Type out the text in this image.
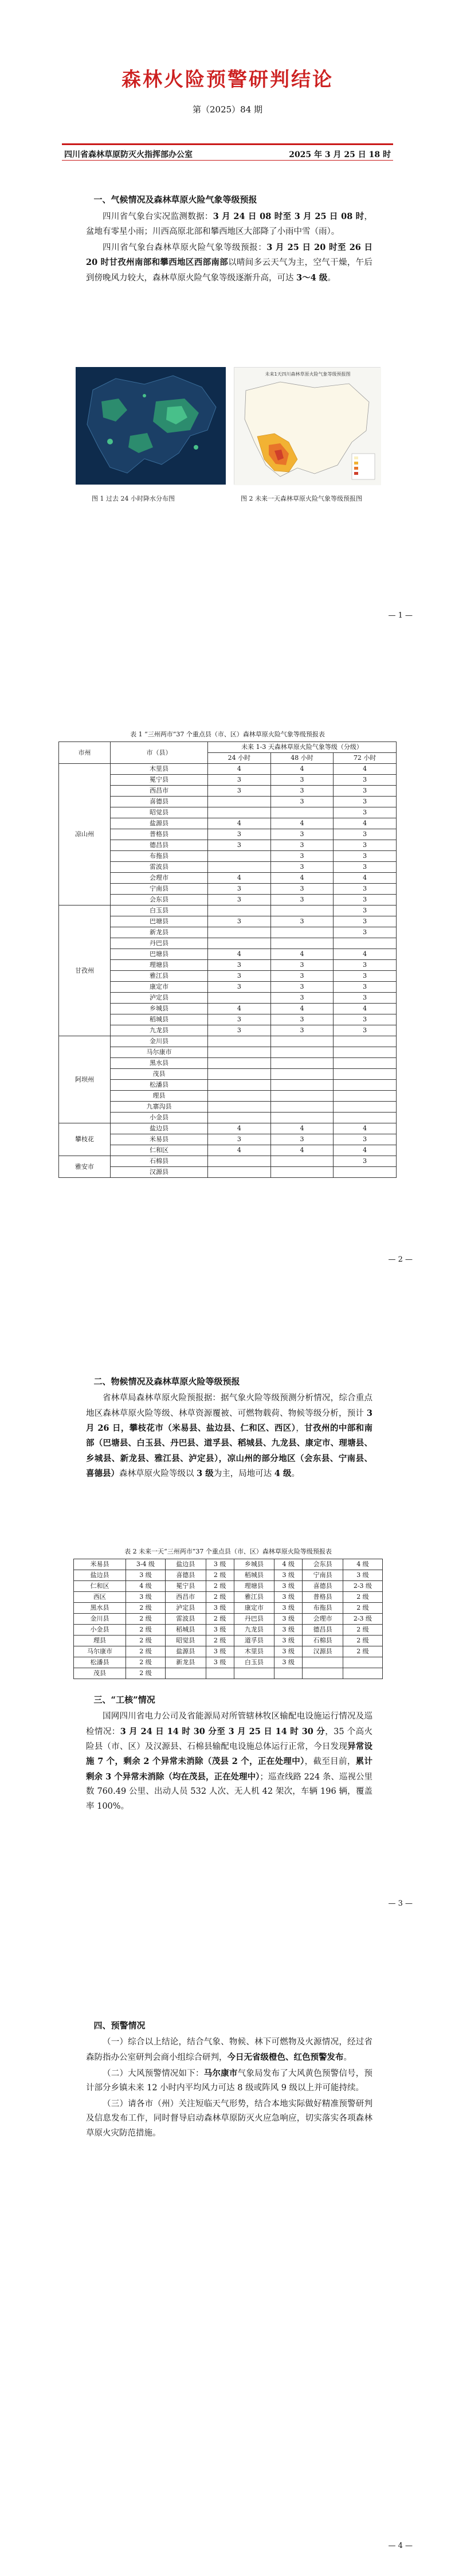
森林火险预警研判结论
第（2025）84 期
四川省森林草原防灭火指挥部办公室	2025 年 3 月 25 日 18 时
一、气候情况及森林草原火险气象等级预报

四川省气象台实况监测数据：3 月 24 日 08 时至 3 月 25 日 08 时，盆地有零星小雨；川西高原北部和攀西地区大部降了小雨中雪（雨）。

四川省气象台森林草原火险气象等级预报：3 月 25 日 20 时至 26 日 20 时甘孜州南部和攀西地区西部南部以晴间多云天气为主，空气干燥，午后到傍晚风力较大，森林草原火险气象等级逐渐升高，可达 3～4 级。

图 1 过去 24 小时降水分布图
未来1天四川森林草原火险气象等级预报图
图 2 未来一天森林草原火险气象等级预报图
— 1 —
表 1 “三州两市”37 个重点县（市、区）森林草原火险气象等级预报表
市州	市（县）	未来 1-3 天森林草原火险气象等级（分级）		
		24 小时	48 小时	72 小时
凉山州	木里县	4	4	4
	冕宁县	3	3	3
	西昌市	3	3	3
	喜德县		3	3
	昭觉县			3
	盐源县	4	4	4
	普格县	3	3	3
	德昌县	3	3	3
	布拖县		3	3
	雷波县		3	3
	会理市	4	4	4
	宁南县	3	3	3
	会东县	3	3	3
甘孜州	白玉县			3
	巴塘县	3	3	3
	新龙县			3
	丹巴县			
	巴塘县	4	4	4
	理塘县	3	3	3
	雅江县	3	3	3
	康定市	3	3	3
	泸定县		3	3
	乡城县	4	4	4
	稻城县	3	3	3
	九龙县	3	3	3
阿坝州	金川县			
	马尔康市			
	黑水县			
	茂县			
	松潘县			
	理县			
	九寨沟县			
	小金县			
攀枝花	盐边县	4	4	4
	米易县	3	3	3
	仁和区	4	4	4
雅安市	石棉县			3
	汉源县			
— 2 —
二、物候情况及森林草原火险等级预报

省林草局森林草原火险预报据：据气象火险等级预测分析情况，综合重点地区森林草原火险等级、林草资源覆被、可燃物载荷、物候等级分析，预计 3 月 26 日，攀枝花市（米易县、盐边县、仁和区、西区），甘孜州的中部和南部（巴塘县、白玉县、丹巴县、道孚县、稻城县、九龙县、康定市、理塘县、乡城县、新龙县、雅江县、泸定县），凉山州的部分地区（会东县、宁南县、喜德县）森林草原火险等级以 3 级为主，局地可达 4 级。

表 2 未来一天“三州两市”37 个重点县（市、区）森林草原火险等级预报表
米易县	3-4 级	盐边县	3 级	乡城县	4 级	会东县	4 级
盐边县	3 级	喜德县	2 级	稻城县	3 级	宁南县	3 级
仁和区	4 级	冕宁县	2 级	理塘县	3 级	喜德县	2-3 级
西区	3 级	西昌市	2 级	雅江县	3 级	普格县	2 级
黑水县	2 级	泸定县	3 级	康定市	3 级	布拖县	2 级
金川县	2 级	雷波县	2 级	丹巴县	3 级	会理市	2-3 级
小金县	2 级	稻城县	3 级	九龙县	3 级	德昌县	2 级
理县	2 级	昭觉县	2 级	道孚县	3 级	石棉县	2 级
马尔康市	2 级	盐源县	3 级	木里县	3 级	汉源县	2 级
松潘县	2 级	新龙县	3 级	白玉县	3 级		
茂县	2 级						
三、“工核”情况

国网四川省电力公司及省能源局对所管辖林牧区输配电设施运行情况及巡检情况：3 月 24 日 14 时 30 分至 3 月 25 日 14 时 30 分，35 个高火险县（市、区）及汉源县、石棉县输配电设施总体运行正常，今日发现异常设施 7 个，剩余 2 个异常未消除（茂县 2 个，正在处理中），截至目前，累计剩余 3 个异常未消除（均在茂县，正在处理中）；巡查线路 224 条、巡视公里数 760.49 公里、出动人员 532 人次、无人机 42 架次，车辆 196 辆，覆盖率 100%。

— 3 —
四、预警情况

（一）综合以上结论，结合气象、物候、林下可燃物及火源情况，经过省森防指办公室研判会商小组综合研判，今日无省级橙色、红色预警发布。

（二）大风预警情况如下：马尔康市气象局发布了大风黄色预警信号，预计部分乡镇未来 12 小时内平均风力可达 8 级或阵风 9 级以上并可能持续。

（三）请各市（州）关注短临天气形势，结合本地实际做好精准预警研判及信息发布工作，同时督导启动森林草原防灭火应急响应，切实落实各项森林草原火灾防范措施。

— 4 —
